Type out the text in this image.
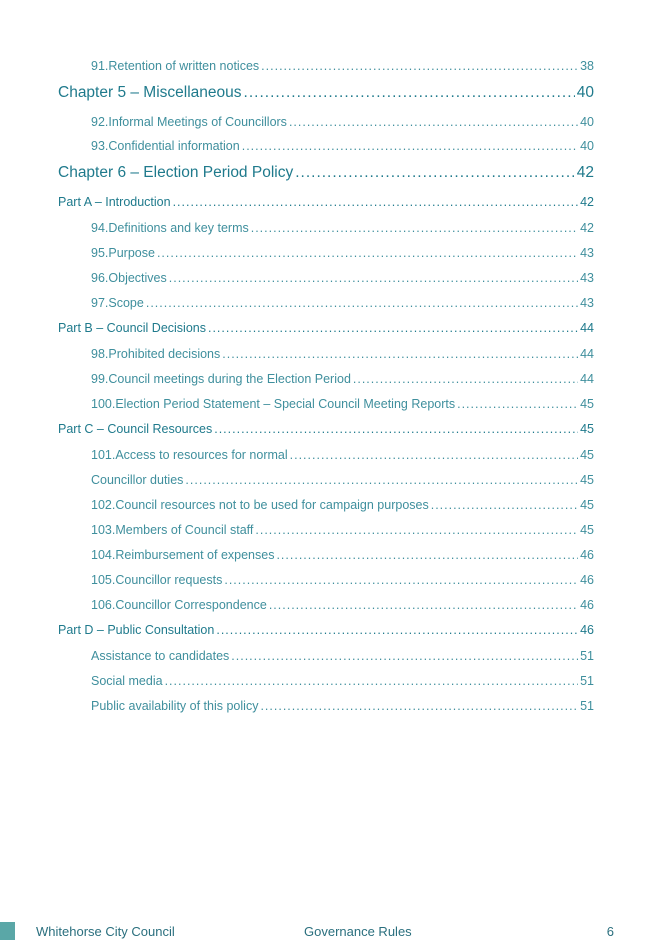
91. Retention of written notices .....	38
Chapter 5 – Miscellaneous .....	40
92. Informal Meetings of Councillors .....	40
93. Confidential information .....	40
Chapter 6 – Election Period Policy .....	42
Part A – Introduction .....	42
94. Definitions and key terms .....	42
95. Purpose .....	43
96. Objectives .....	43
97. Scope .....	43
Part B – Council Decisions .....	44
98. Prohibited decisions .....	44
99. Council meetings during the Election Period .....	44
100. Election Period Statement – Special Council Meeting Reports .....	45
Part C – Council Resources .....	45
101. Access to resources for normal .....	45
Councillor duties .....	45
102. Council resources not to be used for campaign purposes .....	45
103. Members of Council staff .....	45
104. Reimbursement of expenses .....	46
105. Councillor requests .....	46
106. Councillor Correspondence .....	46
Part D – Public Consultation .....	46
Assistance to candidates .....	51
Social media .....	51
Public availability of this policy .....	51
Whitehorse City Council	Governance Rules	6
